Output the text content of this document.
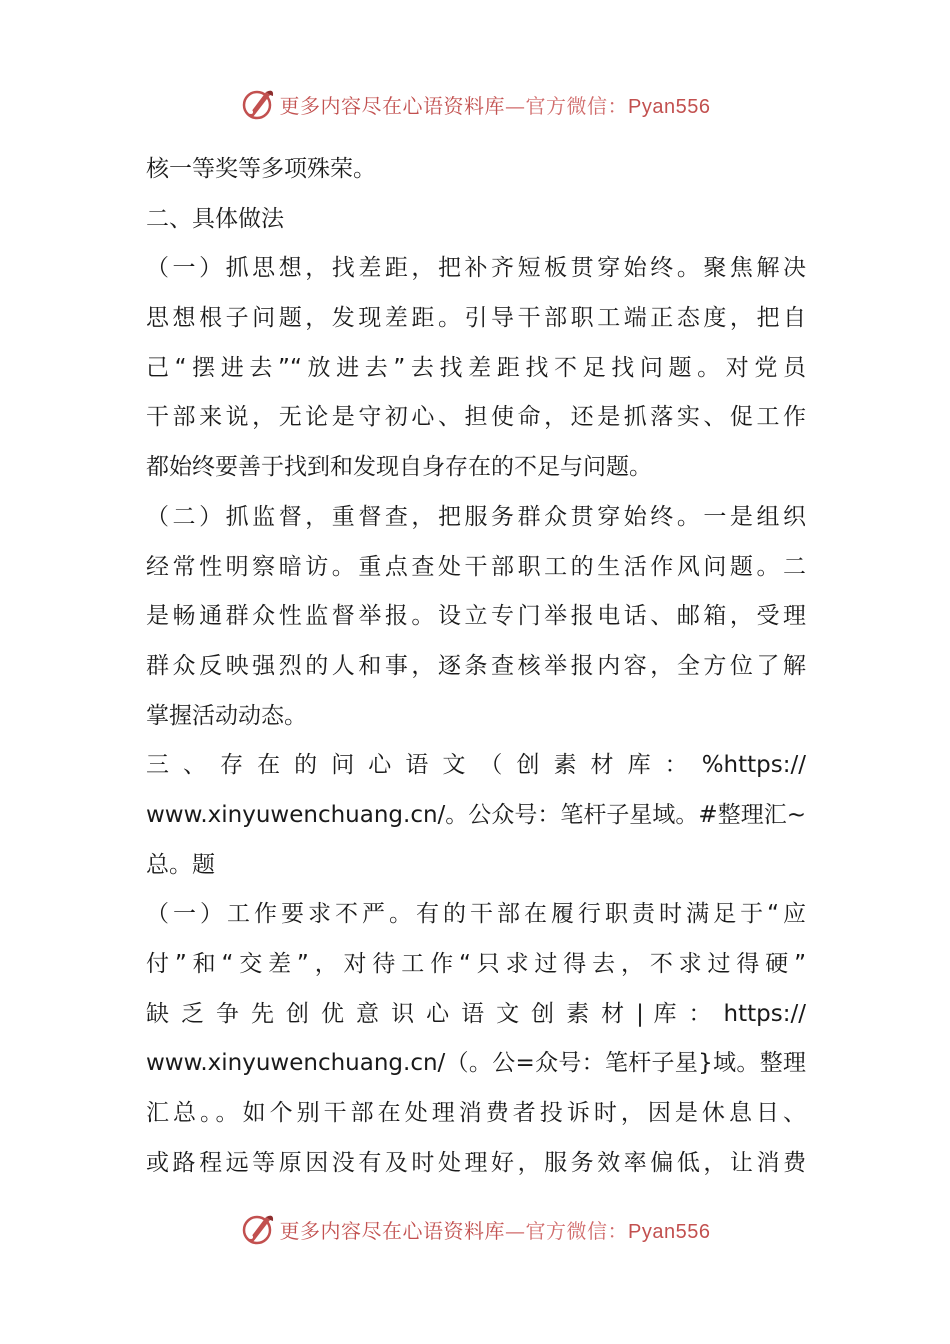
更多内容尽在心语资料库—官方微信：Pyan556
核一等奖等多项殊荣。
二、具体做法
（一）抓思想，找差距，把补齐短板贯穿始终。聚焦解决
思想根子问题，发现差距。引导干部职工端正态度，把自
己“摆进去”“放进去”去找差距找不足找问题。对党员
干部来说，无论是守初心、担使命，还是抓落实、促工作
都始终要善于找到和发现自身存在的不足与问题。
（二）抓监督，重督查，把服务群众贯穿始终。一是组织
经常性明察暗访。重点查处干部职工的生活作风问题。二
是畅通群众性监督举报。设立专门举报电话、邮箱，受理
群众反映强烈的人和事，逐条查核举报内容，全方位了解
掌握活动动态。
三 、 存 在 的 问 心 语 文 （ 创 素 材 库 ： %https://
www.xinyuwenchuang.cn/。公众号：笔杆子星域。#整理汇~
总。题
（一）工作要求不严。有的干部在履行职责时满足于“应
付”和“交差”，对待工作“只求过得去，不求过得硬”
缺 乏 争 先 创 优 意 识 心 语 文 创 素 材 | 库 ： https://
www.xinyuwenchuang.cn/（。公=众号：笔杆子星}域。整理
汇总。。如个别干部在处理消费者投诉时，因是休息日、
或路程远等原因没有及时处理好，服务效率偏低，让消费
更多内容尽在心语资料库—官方微信：Pyan556
